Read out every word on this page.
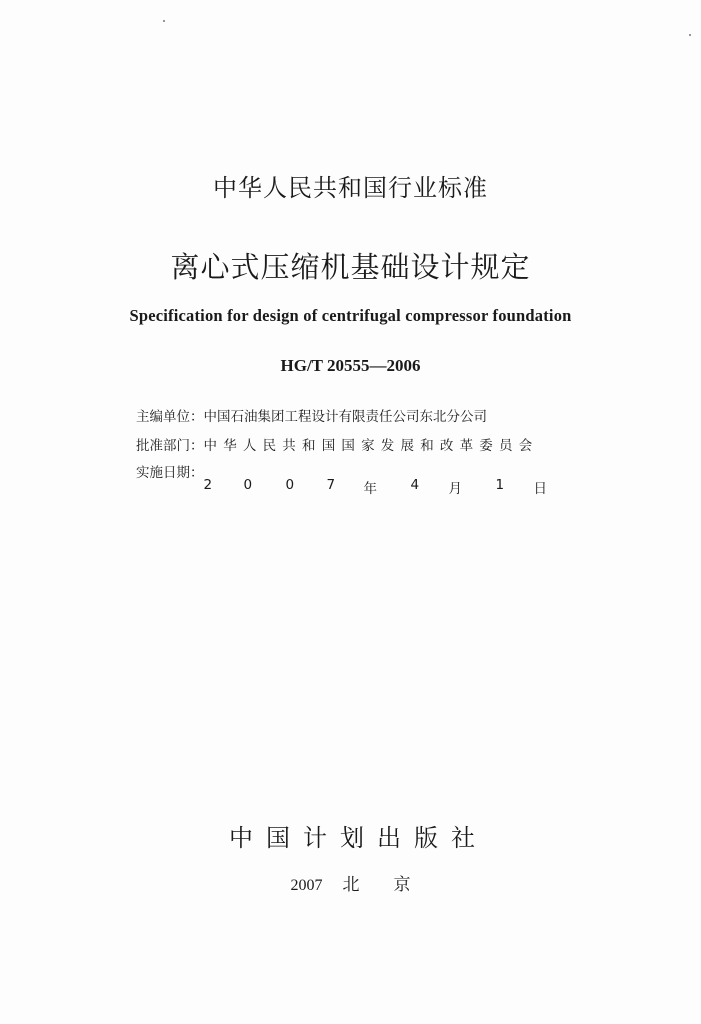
中华人民共和国行业标准
离心式压缩机基础设计规定
Specification for design of centrifugal compressor foundation
HG/T 20555—2006
主编单位：中国石油集团工程设计有限责任公司东北分公司
批准部门：中华人民共和国国家发展和改革委员会
实施日期：
2 0 0 7 年 4 月 1 日
中国计划出版社
2007 北 京
